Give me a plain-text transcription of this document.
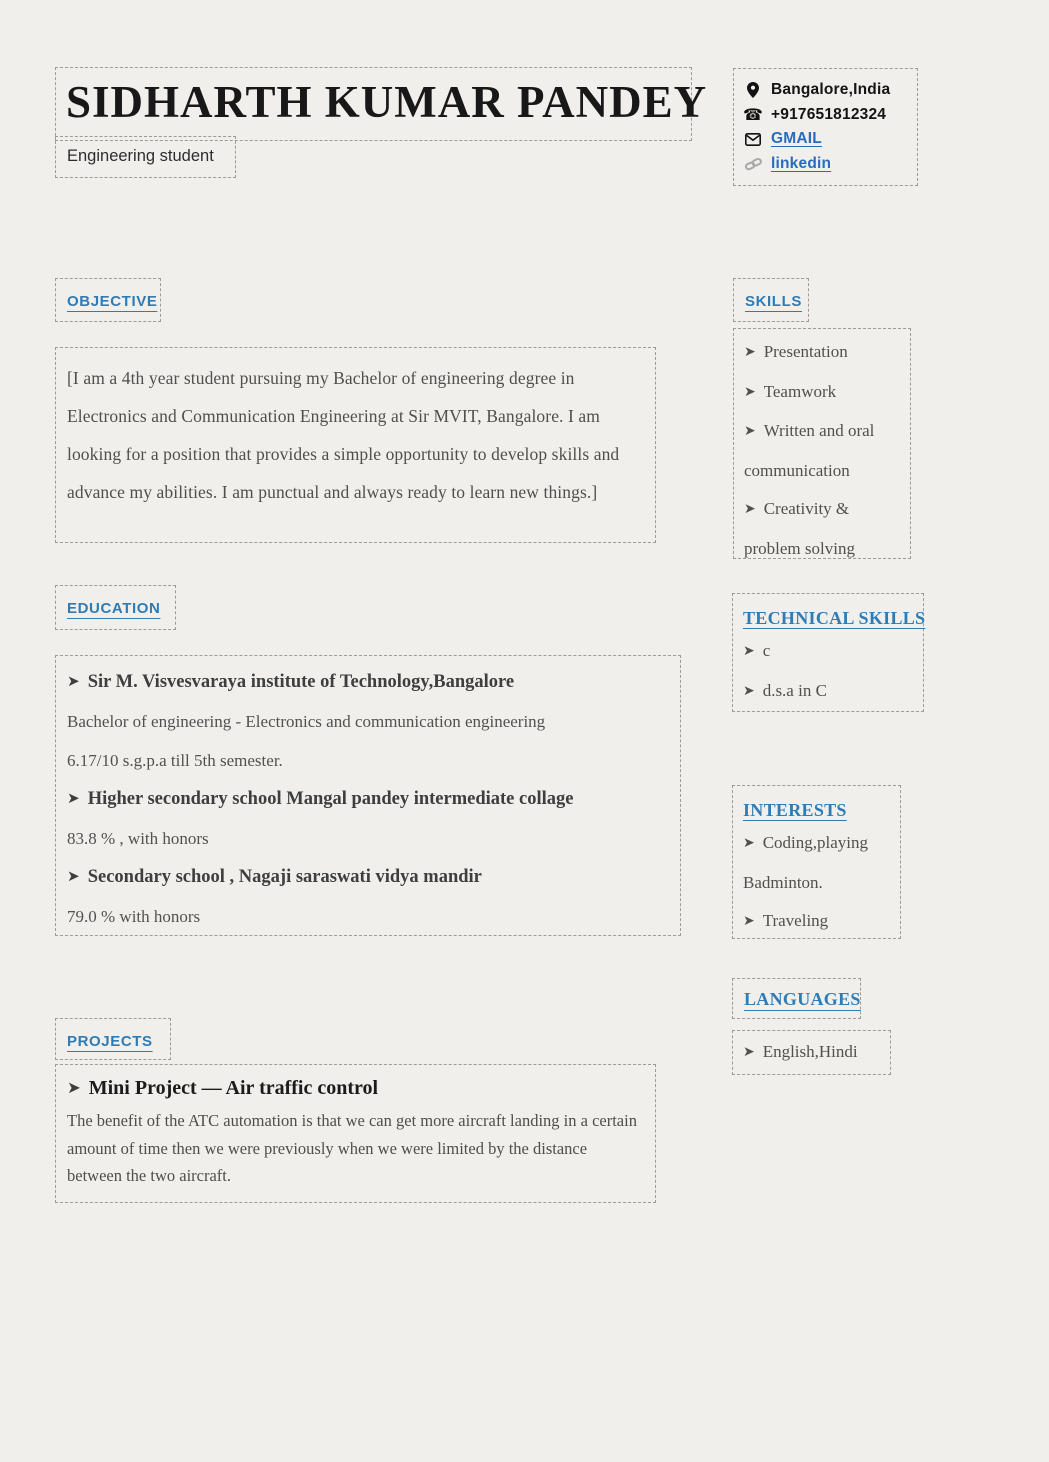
SIDHARTH KUMAR PANDEY
Engineering student
Bangalore,India
☎ +917651812324
GMAIL
linkedin
OBJECTIVE

[I am a 4th year student pursuing my Bachelor of engineering degree in Electronics and Communication Engineering at Sir MVIT, Bangalore. I am looking for a position that provides a simple opportunity to develop skills and advance my abilities. I am punctual and always ready to learn new things.]

EDUCATION
➤ Sir M. Visvesvaraya institute of Technology,Bangalore
Bachelor of engineering - Electronics and communication engineering
6.17/10 s.g.p.a till 5th semester.
➤ Higher secondary school Mangal pandey intermediate collage
83.8 % , with honors
➤ Secondary school , Nagaji saraswati vidya mandir
79.0 % with honors
PROJECTS
➤ Mini Project — Air traffic control
The benefit of the ATC automation is that we can get more aircraft landing in a certain amount of time then we were previously when we were limited by the distance between the two aircraft.
SKILLS
➤ Presentation
➤ Teamwork
➤ Written and oral communication
➤ Creativity & problem solving
TECHNICAL SKILLS
➤ c
➤ d.s.a in C
INTERESTS
➤ Coding,playing Badminton.
➤ Traveling
LANGUAGES
➤ English,Hindi
